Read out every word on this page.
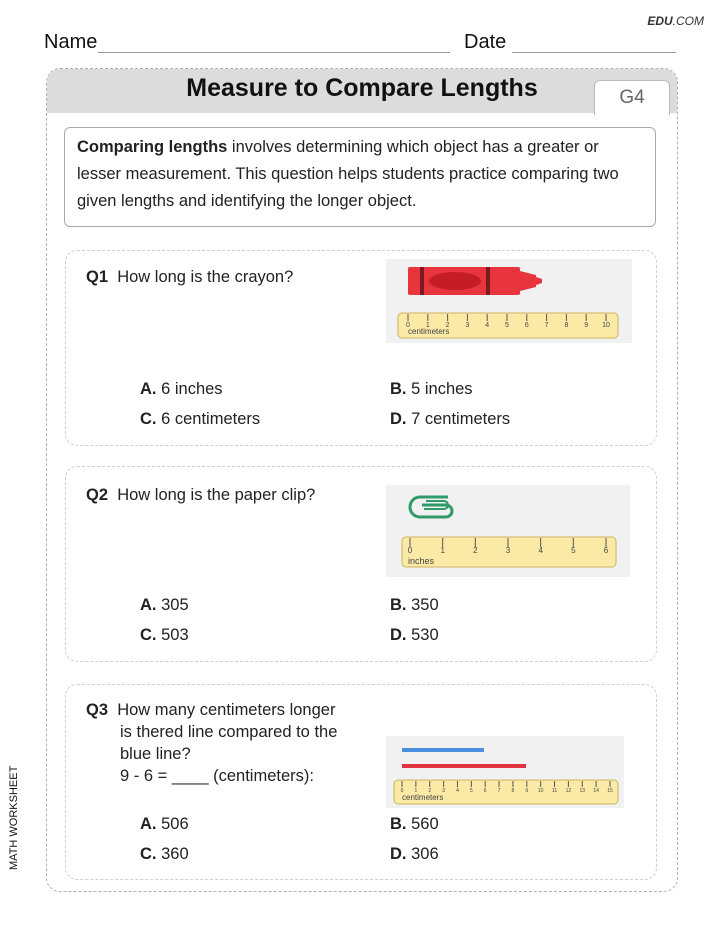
EDU.COM
Name	Date
Measure to Compare Lengths	G4
Comparing lengths involves determining which object has a greater or lesser measurement. This question helps students practice comparing two given lengths and identifying the longer object.
Q1 How long is the crayon?
0 1 2 3 4 5 6 7 8 9 10
centimeters
A. 6 inches	B. 5 inches
C. 6 centimeters	D. 7 centimeters
Q2 How long is the paper clip?
0	1	2	3	4	5	6
inches
A. 305	B. 350
C. 503	D. 530
Q3 How many centimeters longer
is thered line compared to the
blue line?
9 - 6 = ____ (centimeters):
0 1 2 3 4 5 6 7 8 9 10 11 12 13 14 15
centimeters
A. 506	B. 560
C. 360	D. 306
MATH WORKSHEET
